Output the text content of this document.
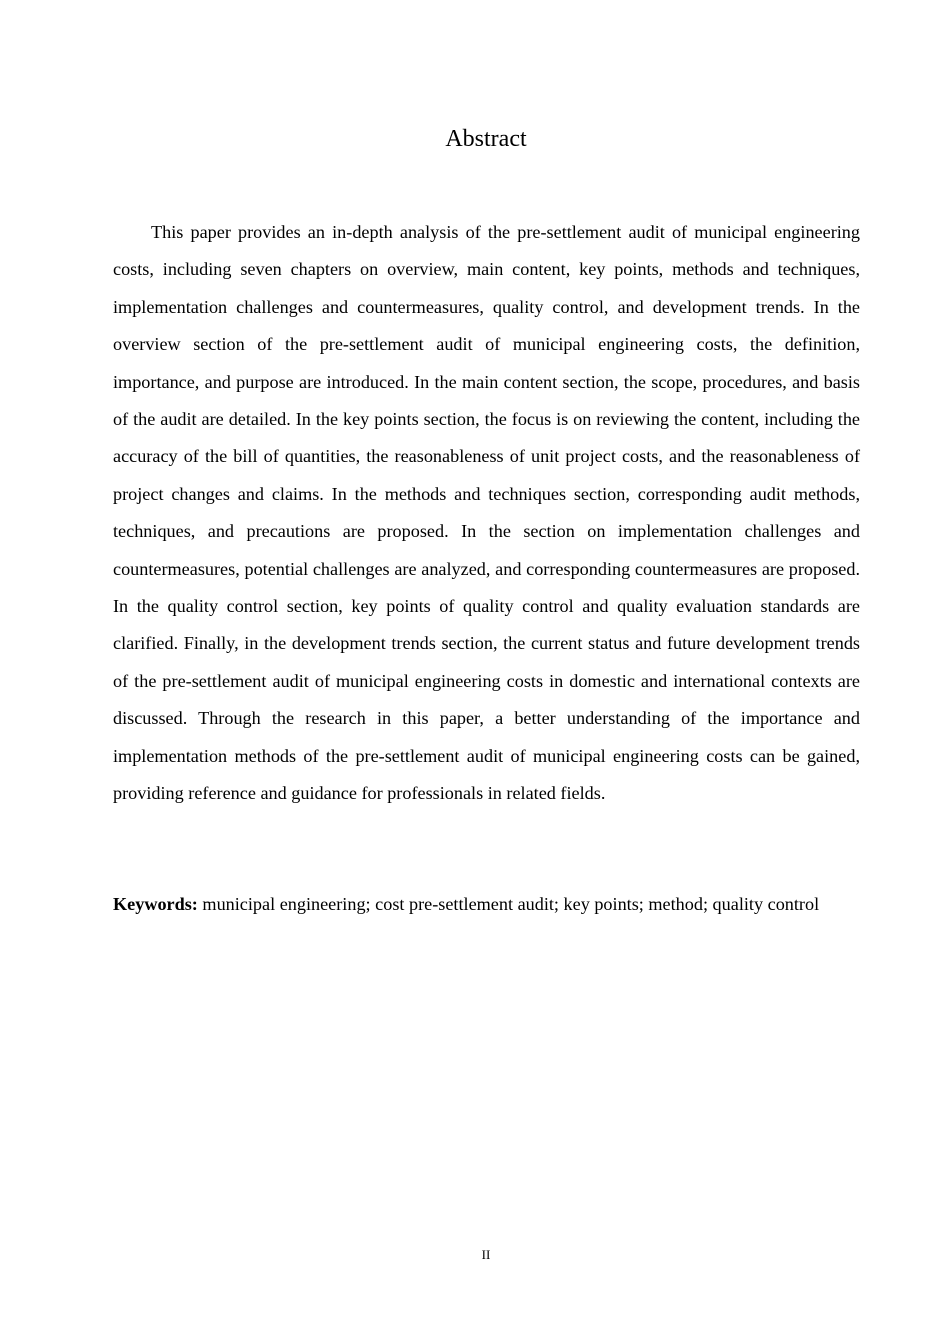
Abstract

This paper provides an in-depth analysis of the pre-settlement audit of municipal engineering costs, including seven chapters on overview, main content, key points, methods and techniques, implementation challenges and countermeasures, quality control, and development trends. In the overview section of the pre-settlement audit of municipal engineering costs, the definition, importance, and purpose are introduced. In the main content section, the scope, procedures, and basis of the audit are detailed. In the key points section, the focus is on reviewing the content, including the accuracy of the bill of quantities, the reasonableness of unit project costs, and the reasonableness of project changes and claims. In the methods and techniques section, corresponding audit methods, techniques, and precautions are proposed. In the section on implementation challenges and countermeasures, potential challenges are analyzed, and corresponding countermeasures are proposed. In the quality control section, key points of quality control and quality evaluation standards are clarified. Finally, in the development trends section, the current status and future development trends of the pre-settlement audit of municipal engineering costs in domestic and international contexts are discussed. Through the research in this paper, a better understanding of the importance and implementation methods of the pre-settlement audit of municipal engineering costs can be gained, providing reference and guidance for professionals in related fields.

Keywords: municipal engineering; cost pre-settlement audit; key points; method; quality control

II
